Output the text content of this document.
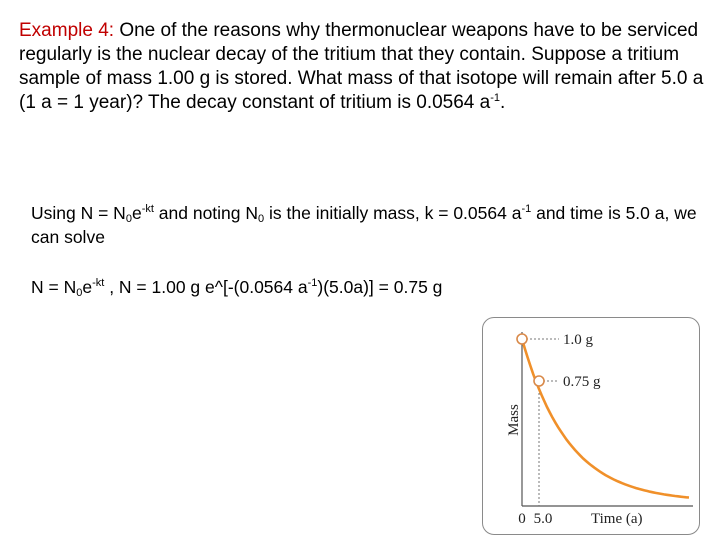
Example 4: One of the reasons why thermonuclear weapons have to be serviced regularly is the nuclear decay of the tritium that they contain. Suppose a tritium sample of mass 1.00 g is stored. What mass of that isotope will remain after 5.0 a (1 a = 1 year)? The decay constant of tritium is 0.0564 $a^{-1}$.

Using $N = N_0e^{-kt}$ and noting $N_0$ is the initially mass, k = 0.0564 $a^{-1}$ and time is 5.0 a, we can solve

$N = N_0e^{-kt}$ , N = 1.00 g e^[-(0.0564 $a^{-1})(5.0a)] = 0.75$ g

1.0 g
0.75 g
Mass
0 5.0	Time (a)
